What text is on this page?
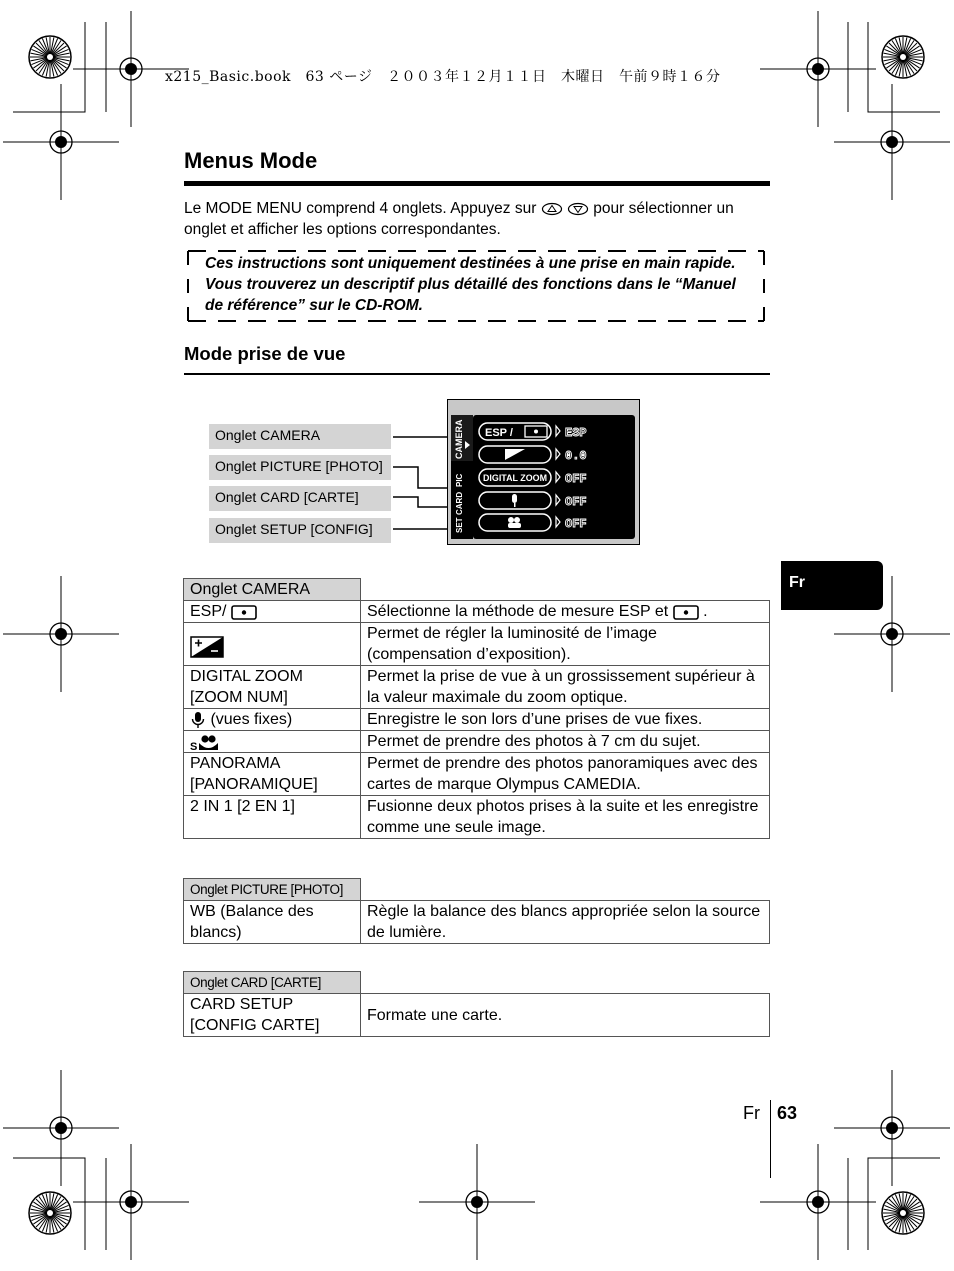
x215_Basic.book　63 ページ　２００３年１２月１１日　木曜日　午前９時１６分
Menus Mode
Le MODE MENU comprend 4 onglets. Appuyez sur	pour sélectionner un onglet et afficher les options correspondantes.
Ces instructions sont uniquement destinées à une prise en main rapide. Vous trouverez un descriptif plus détaillé des fonctions dans le “Manuel de référence” sur le CD-ROM.
Mode prise de vue
Onglet CAMERA
Onglet PICTURE [PHOTO]
Onglet CARD [CARTE]
Onglet SETUP [CONFIG]
CAMERA
PIC
CARD
SET
ESP /
DIGITAL ZOOM
ESP
0.0
OFF
OFF
OFF
Onglet CAMERA	
ESP/	Sélectionne la méthode de mesure ESP et  .
	Permet de régler la luminosité de l’image (compensation d’exposition).
DIGITAL ZOOM [ZOOM NUM]	Permet la prise de vue à un grossissement supérieur à la valeur maximale du zoom optique.
(vues fixes)	Enregistre le son lors d’une prises de vue fixes.

S	Permet de prendre des photos à 7 cm du sujet.
PANORAMA [PANORAMIQUE]	Permet de prendre des photos panoramiques avec des cartes de marque Olympus CAMEDIA.
2 IN 1 [2 EN 1]	Fusionne deux photos prises à la suite et les enregistre comme une seule image.
Onglet PICTURE [PHOTO]	
WB (Balance des blancs)	Règle la balance des blancs appropriée selon la source de lumière.
Onglet CARD [CARTE]	
CARD SETUP [CONFIG CARTE]	Formate une carte.
Fr
Fr 63
